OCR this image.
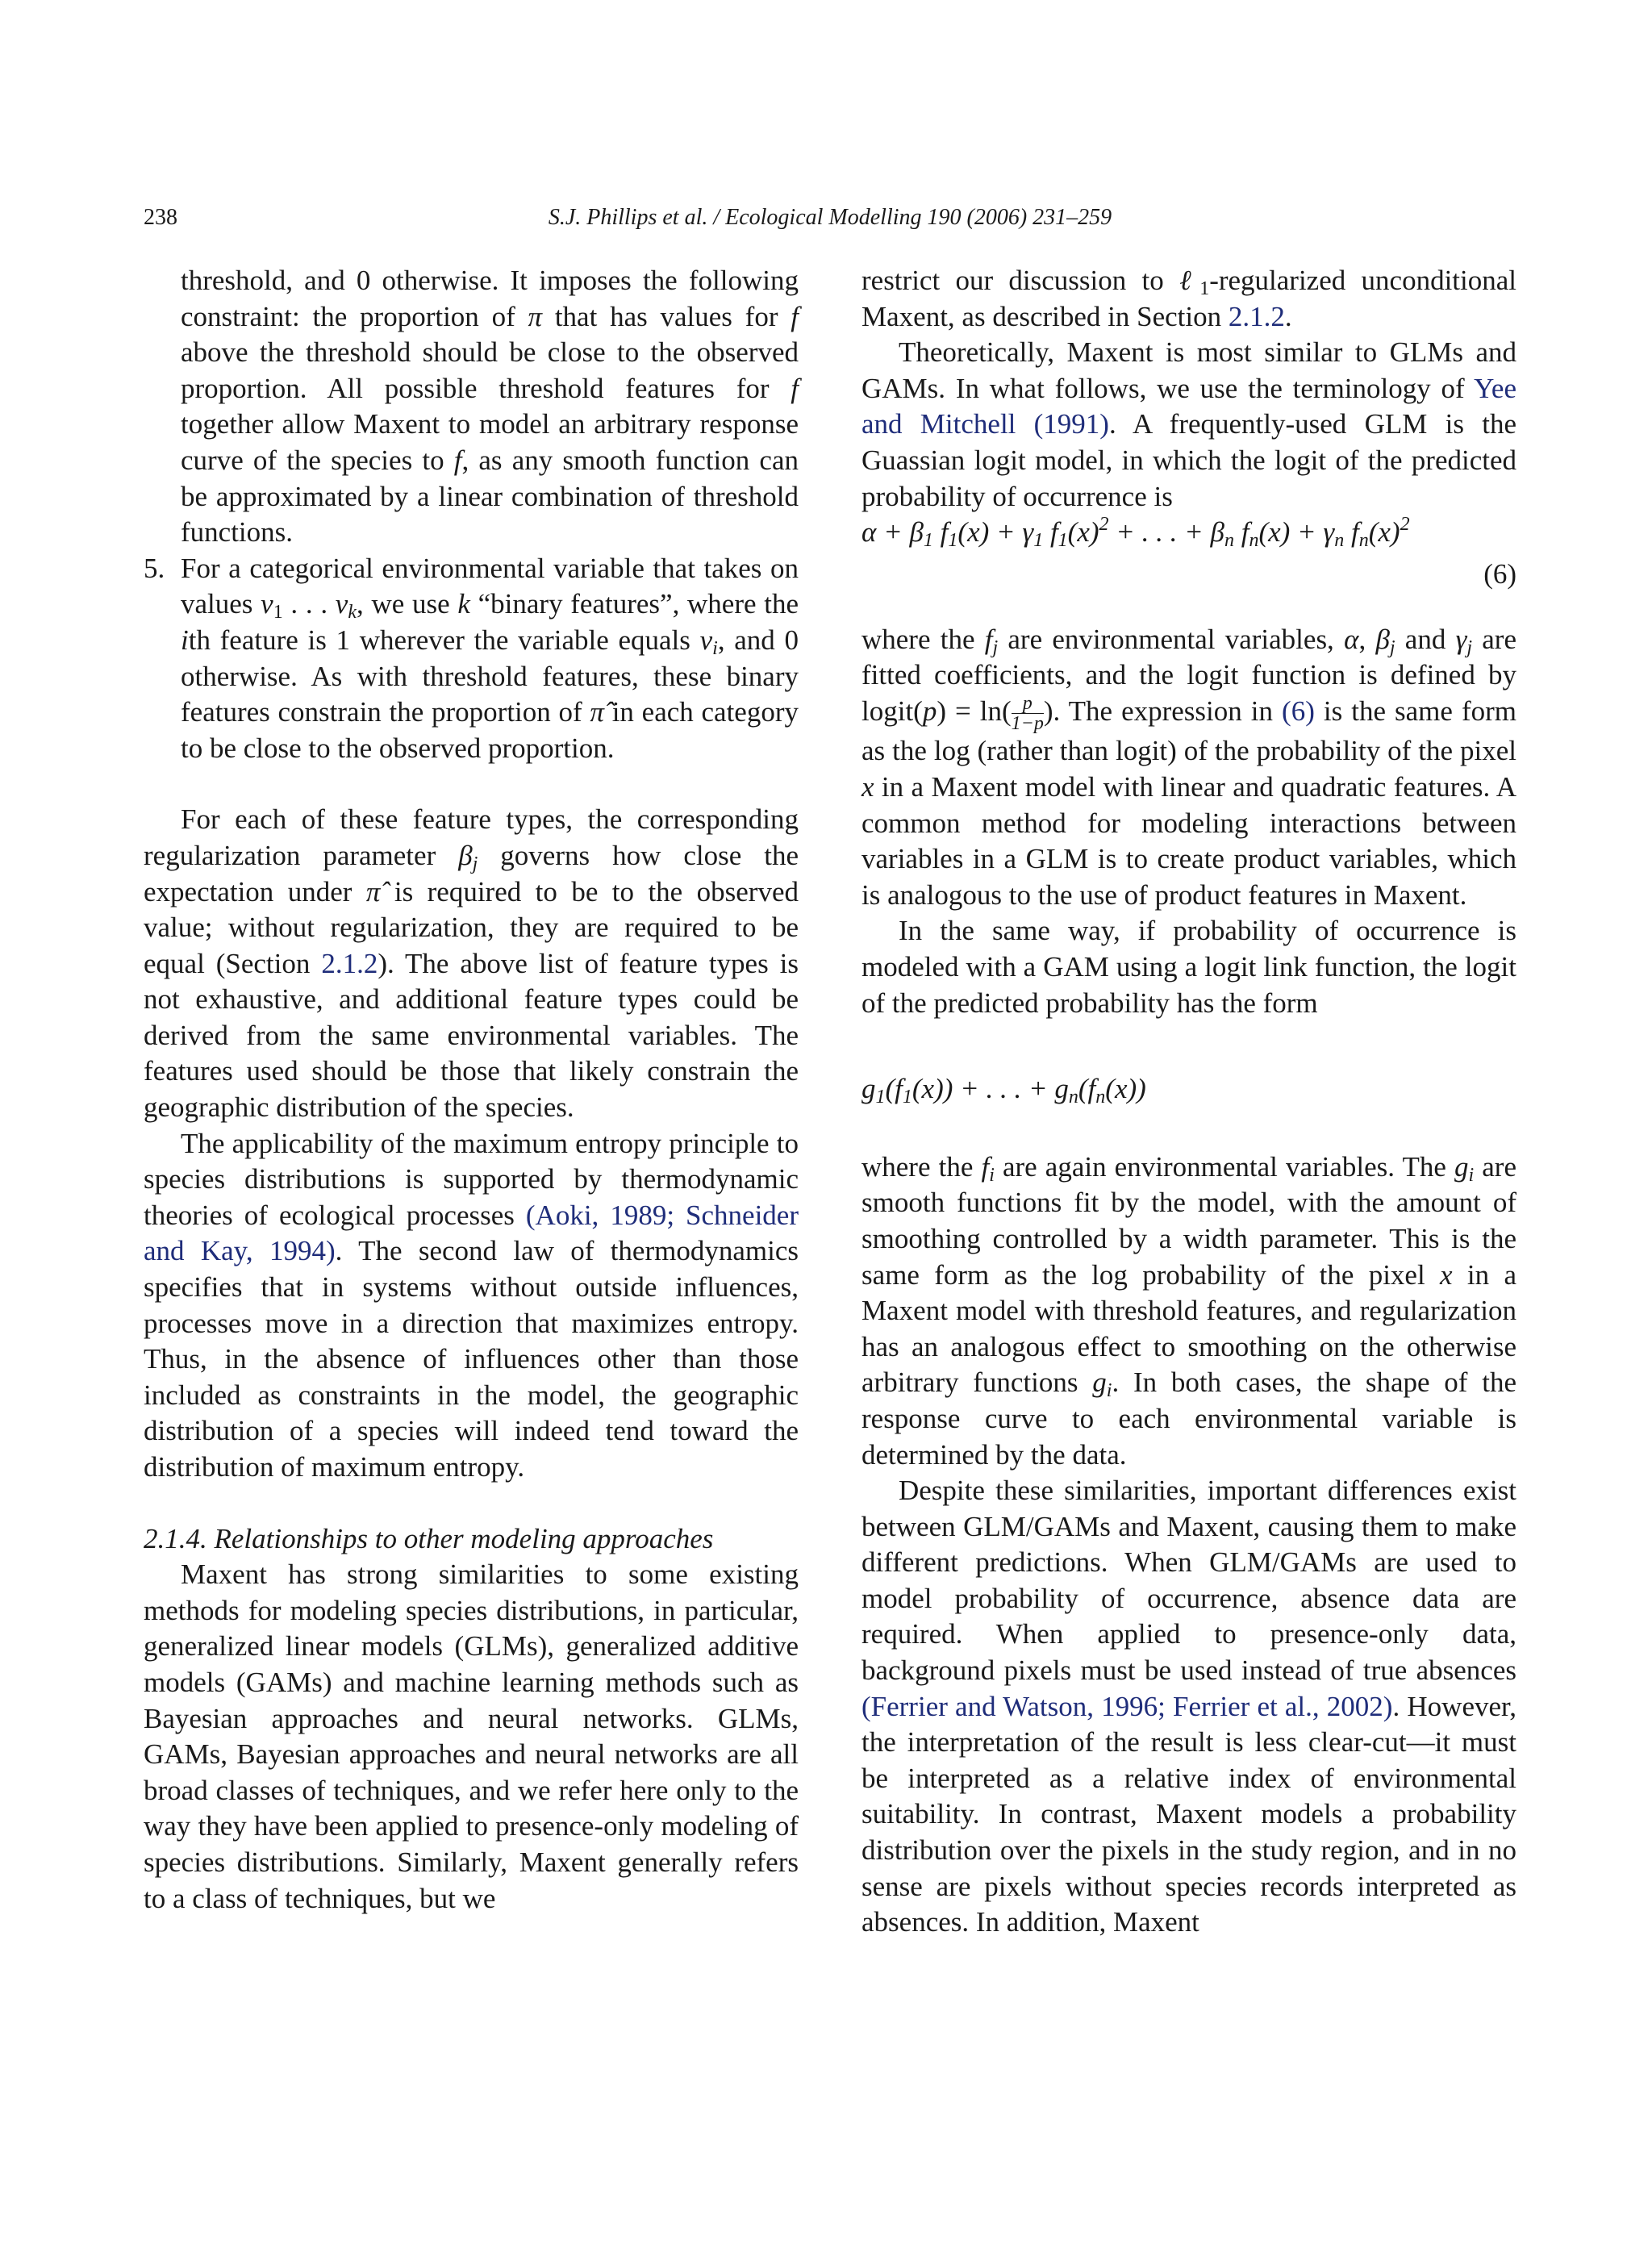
238	S.J. Phillips et al. / Ecological Modelling 190 (2006) 231–259
threshold, and 0 otherwise. It imposes the following constraint: the proportion of π that has values for f above the threshold should be close to the observed proportion. All possible threshold features for f together allow Maxent to model an arbitrary response curve of the species to f, as any smooth function can be approximated by a linear combination of threshold functions.
5. For a categorical environmental variable that takes on values $v_1$ . . . $v_k$, we use k “binary features”, where the ith feature is 1 wherever the variable equals $v_i$, and 0 otherwise. As with threshold features, these binary features constrain the proportion of π̂ in each category to be close to the observed proportion.

For each of these feature types, the corresponding regularization parameter $\beta_j$ governs how close the expectation under π̂ is required to be to the observed value; without regularization, they are required to be equal (Section 2.1.2). The above list of feature types is not exhaustive, and additional feature types could be derived from the same environmental variables. The features used should be those that likely constrain the geographic distribution of the species.

The applicability of the maximum entropy principle to species distributions is supported by thermodynamic theories of ecological processes (Aoki, 1989; Schneider and Kay, 1994). The second law of thermodynamics specifies that in systems without outside influences, processes move in a direction that maximizes entropy. Thus, in the absence of influences other than those included as constraints in the model, the geographic distribution of a species will indeed tend toward the distribution of maximum entropy.

2.1.4. Relationships to other modeling approaches

Maxent has strong similarities to some existing methods for modeling species distributions, in particular, generalized linear models (GLMs), generalized additive models (GAMs) and machine learning methods such as Bayesian approaches and neural networks. GLMs, GAMs, Bayesian approaches and neural networks are all broad classes of techniques, and we refer here only to the way they have been applied to presence-only modeling of species distributions. Similarly, Maxent generally refers to a class of techniques, but we

restrict our discussion to ℓ$_1$-regularized unconditional Maxent, as described in Section 2.1.2.

Theoretically, Maxent is most similar to GLMs and GAMs. In what follows, we use the terminology of Yee and Mitchell (1991). A frequently-used GLM is the Guassian logit model, in which the logit of the predicted probability of occurrence is

$\alpha + \beta_1$ $f_1(x) + \gamma_1$ $f_1(x)^2$ + . . . + $\beta_n$ $f_n(x) + \gamma_n$ $f_n(x)^2$

(6)

where the $f_j$ are environmental variables, α, $\beta_j$ and $\gamma_j$ are fitted coefficients, and the logit function is defined by logit(p) = $\ln( \frac{p}{1-p}$ ). The expression in (6) is the same form as the log (rather than logit) of the probability of the pixel x in a Maxent model with linear and quadratic features. A common method for modeling interactions between variables in a GLM is to create product variables, which is analogous to the use of product features in Maxent.

In the same way, if probability of occurrence is modeled with a GAM using a logit link function, the logit of the predicted probability has the form

$g_1(f_1(x))$ + . . . + $g_n(f_n(x))$

where the $f_i$ are again environmental variables. The $g_i$ are smooth functions fit by the model, with the amount of smoothing controlled by a width parameter. This is the same form as the log probability of the pixel x in a Maxent model with threshold features, and regularization has an analogous effect to smoothing on the otherwise arbitrary functions $g_i$. In both cases, the shape of the response curve to each environmental variable is determined by the data.

Despite these similarities, important differences exist between GLM/GAMs and Maxent, causing them to make different predictions. When GLM/GAMs are used to model probability of occurrence, absence data are required. When applied to presence-only data, background pixels must be used instead of true absences (Ferrier and Watson, 1996; Ferrier et al., 2002). However, the interpretation of the result is less clear-cut—it must be interpreted as a relative index of environmental suitability. In contrast, Maxent models a probability distribution over the pixels in the study region, and in no sense are pixels without species records interpreted as absences. In addition, Maxent
